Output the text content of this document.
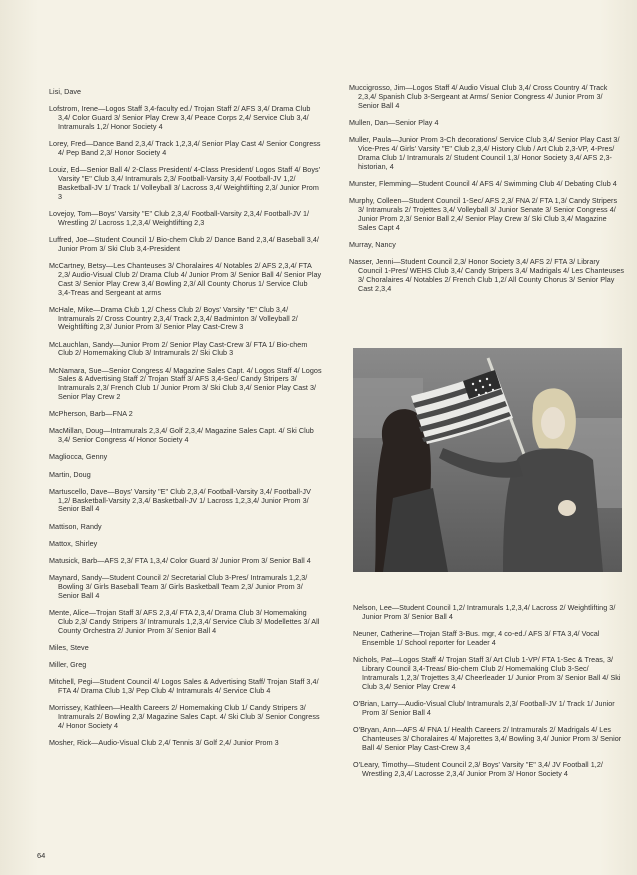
Lisi, Dave

Lofstrom, Irene—Logos Staff 3,4-faculty ed./ Trojan Staff 2/ AFS 3,4/ Drama Club 3,4/ Color Guard 3/ Senior Play Crew 3,4/ Peace Corps 2,4/ Service Club 3,4/ Intramurals 1,2/ Honor Society 4

Lorey, Fred—Dance Band 2,3,4/ Track 1,2,3,4/ Senior Play Cast 4/ Senior Congress 4/ Pep Band 2,3/ Honor Society 4

Louiz, Ed—Senior Ball 4/ 2-Class President/ 4-Class President/ Logos Staff 4/ Boys' Varsity "E" Club 3,4/ Intramurals 2,3/ Football-Varsity 3,4/ Football-JV 1,2/ Basketball-JV 1/ Track 1/ Volleyball 3/ Lacross 3,4/ Weightlifting 2,3/ Junior Prom 3

Lovejoy, Tom—Boys' Varsity "E" Club 2,3,4/ Football-Varsity 2,3,4/ Football-JV 1/ Wrestling 2/ Lacross 1,2,3,4/ Weightlifting 2,3

Luffred, Joe—Student Council 1/ Bio-chem Club 2/ Dance Band 2,3,4/ Baseball 3,4/ Junior Prom 3/ Ski Club 3,4-President

McCartney, Betsy—Les Chanteuses 3/ Choralaires 4/ Notables 2/ AFS 2,3,4/ FTA 2,3/ Audio-Visual Club 2/ Drama Club 4/ Junior Prom 3/ Senior Ball 4/ Senior Play Cast 3/ Senior Play Crew 3,4/ Bowling 2,3/ All County Chorus 1/ Service Club 3,4-Treas and Sergeant at arms

McHale, Mike—Drama Club 1,2/ Chess Club 2/ Boys' Varsity "E" Club 3,4/ Intramurals 2/ Cross Country 2,3,4/ Track 2,3,4/ Badminton 3/ Volleyball 2/ Weightlifting 2,3/ Junior Prom 3/ Senior Play Cast-Crew 3

McLauchlan, Sandy—Junior Prom 2/ Senior Play Cast-Crew 3/ FTA 1/ Bio-chem Club 2/ Homemaking Club 3/ Intramurals 2/ Ski Club 3

McNamara, Sue—Senior Congress 4/ Magazine Sales Capt. 4/ Logos Staff 4/ Logos Sales & Advertising Staff 2/ Trojan Staff 3/ AFS 3,4-Sec/ Candy Stripers 3/ Intramurals 2,3/ French Club 1/ Junior Prom 3/ Ski Club 3,4/ Senior Play Cast 3/ Senior Play Crew 2

McPherson, Barb—FNA 2

MacMillan, Doug—Intramurals 2,3,4/ Golf 2,3,4/ Magazine Sales Capt. 4/ Ski Club 3,4/ Senior Congress 4/ Honor Society 4

Magliocca, Genny

Martin, Doug

Martuscello, Dave—Boys' Varsity "E" Club 2,3,4/ Football-Varsity 3,4/ Football-JV 1,2/ Basketball-Varsity 2,3,4/ Basketball-JV 1/ Lacross 1,2,3,4/ Junior Prom 3/ Senior Ball 4

Mattison, Randy

Mattox, Shirley

Matusick, Barb—AFS 2,3/ FTA 1,3,4/ Color Guard 3/ Junior Prom 3/ Senior Ball 4

Maynard, Sandy—Student Council 2/ Secretarial Club 3-Pres/ Intramurals 1,2,3/ Bowling 3/ Girls Baseball Team 3/ Girls Basketball Team 2,3/ Junior Prom 3/ Senior Ball 4

Mente, Alice—Trojan Staff 3/ AFS 2,3,4/ FTA 2,3,4/ Drama Club 3/ Homemaking Club 2,3/ Candy Stripers 3/ Intramurals 1,2,3,4/ Service Club 3/ Modellettes 3/ All County Orchestra 2/ Junior Prom 3/ Senior Ball 4

Miles, Steve

Miller, Greg

Mitchell, Pegi—Student Council 4/ Logos Sales & Advertising Staff/ Trojan Staff 3,4/ FTA 4/ Drama Club 1,3/ Pep Club 4/ Intramurals 4/ Service Club 4

Morrissey, Kathleen—Health Careers 2/ Homemaking Club 1/ Candy Stripers 3/ Intramurals 2/ Bowling 2,3/ Magazine Sales Capt. 4/ Ski Club 3/ Senior Congress 4/ Honor Society 4

Mosher, Rick—Audio-Visual Club 2,4/ Tennis 3/ Golf 2,4/ Junior Prom 3

Muccigrosso, Jim—Logos Staff 4/ Audio Visual Club 3,4/ Cross Country 4/ Track 2,3,4/ Spanish Club 3-Sergeant at Arms/ Senior Congress 4/ Junior Prom 3/ Senior Ball 4

Mullen, Dan—Senior Play 4

Muller, Paula—Junior Prom 3-Ch decorations/ Service Club 3,4/ Senior Play Cast 3/ Vice-Pres 4/ Girls' Varsity "E" Club 2,3,4/ History Club / Art Club 2,3-VP, 4-Pres/ Drama Club 1/ Intramurals 2/ Student Council 1,3/ Honor Society 3,4/ AFS 2,3-historian, 4

Munster, Flemming—Student Council 4/ AFS 4/ Swimming Club 4/ Debating Club 4

Murphy, Colleen—Student Council 1-Sec/ AFS 2,3/ FNA 2/ FTA 1,3/ Candy Stripers 3/ Intramurals 2/ Trojettes 3,4/ Volleyball 3/ Junior Senate 3/ Senior Congress 4/ Junior Prom 2,3/ Senior Ball 2,4/ Senior Play Crew 3/ Ski Club 3,4/ Magazine Sales Capt 4

Murray, Nancy

Nasser, Jenni—Student Council 2,3/ Honor Society 3,4/ AFS 2/ FTA 3/ Library Council 1-Pres/ WEHS Club 3,4/ Candy Stripers 3,4/ Madrigals 4/ Les Chanteuses 3/ Choralaires 4/ Notables 2/ French Club 1,2/ All County Chorus 3/ Senior Play Cast 2,3,4

Nelson, Lee—Student Council 1,2/ Intramurals 1,2,3,4/ Lacross 2/ Weightlifting 3/ Junior Prom 3/ Senior Ball 4

Neuner, Catherine—Trojan Staff 3-Bus. mgr, 4 co-ed./ AFS 3/ FTA 3,4/ Vocal Ensemble 1/ School reporter for Leader 4

Nichols, Pat—Logos Staff 4/ Trojan Staff 3/ Art Club 1-VP/ FTA 1-Sec & Treas, 3/ Library Council 3,4-Treas/ Bio-chem Club 2/ Homemaking Club 3-Sec/ Intramurals 1,2,3/ Trojettes 3,4/ Cheerleader 1/ Junior Prom 3/ Senior Ball 4/ Ski Club 3,4/ Senior Play Crew 4

O'Brian, Larry—Audio-Visual Club/ Intramurals 2,3/ Football-JV 1/ Track 1/ Junior Prom 3/ Senior Ball 4

O'Bryan, Ann—AFS 4/ FNA 1/ Health Careers 2/ Intramurals 2/ Madrigals 4/ Les Chanteuses 3/ Choralaires 4/ Majorettes 3,4/ Bowling 3,4/ Junior Prom 3/ Senior Ball 4/ Senior Play Cast-Crew 3,4

O'Leary, Timothy—Student Council 2,3/ Boys' Varsity "E" 3,4/ JV Football 1,2/ Wrestling 2,3,4/ Lacrosse 2,3,4/ Junior Prom 3/ Honor Society 4

64
